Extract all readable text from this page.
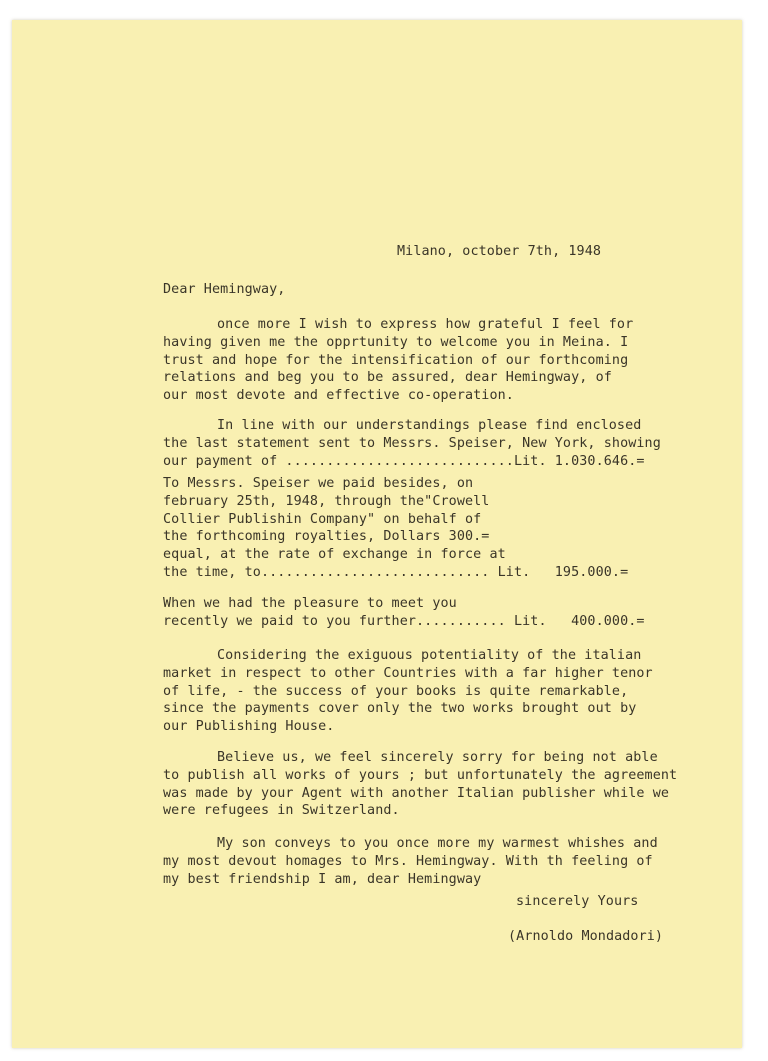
Milano, october 7th, 1948
Dear Hemingway,
once more I wish to express how grateful I feel for
having given me the opprtunity to welcome you in Meina. I
trust and hope for the intensification of our forthcoming
relations and beg you to be assured, dear Hemingway, of
our most devote and effective co-operation.
In line with our understandings please find enclosed
the last statement sent to Messrs. Speiser, New York, showing
our payment of ............................Lit. 1.030.646.=
To Messrs. Speiser we paid besides, on
february 25th, 1948, through the"Crowell
Collier Publishin Company" on behalf of
the forthcoming royalties, Dollars 300.=
equal, at the rate of exchange in force at
the time, to............................ Lit.   195.000.=
When we had the pleasure to meet you
recently we paid to you further........... Lit.   400.000.=
Considering the exiguous potentiality of the italian
market in respect to other Countries with a far higher tenor
of life, - the success of your books is quite remarkable,
since the payments cover only the two works brought out by
our Publishing House.
Believe us, we feel sincerely sorry for being not able
to publish all works of yours ; but unfortunately the agreement
was made by your Agent with another Italian publisher while we
were refugees in Switzerland.
My son conveys to you once more my warmest whishes and
my most devout homages to Mrs. Hemingway. With th feeling of
my best friendship I am, dear Hemingway
sincerely Yours
(Arnoldo Mondadori)
